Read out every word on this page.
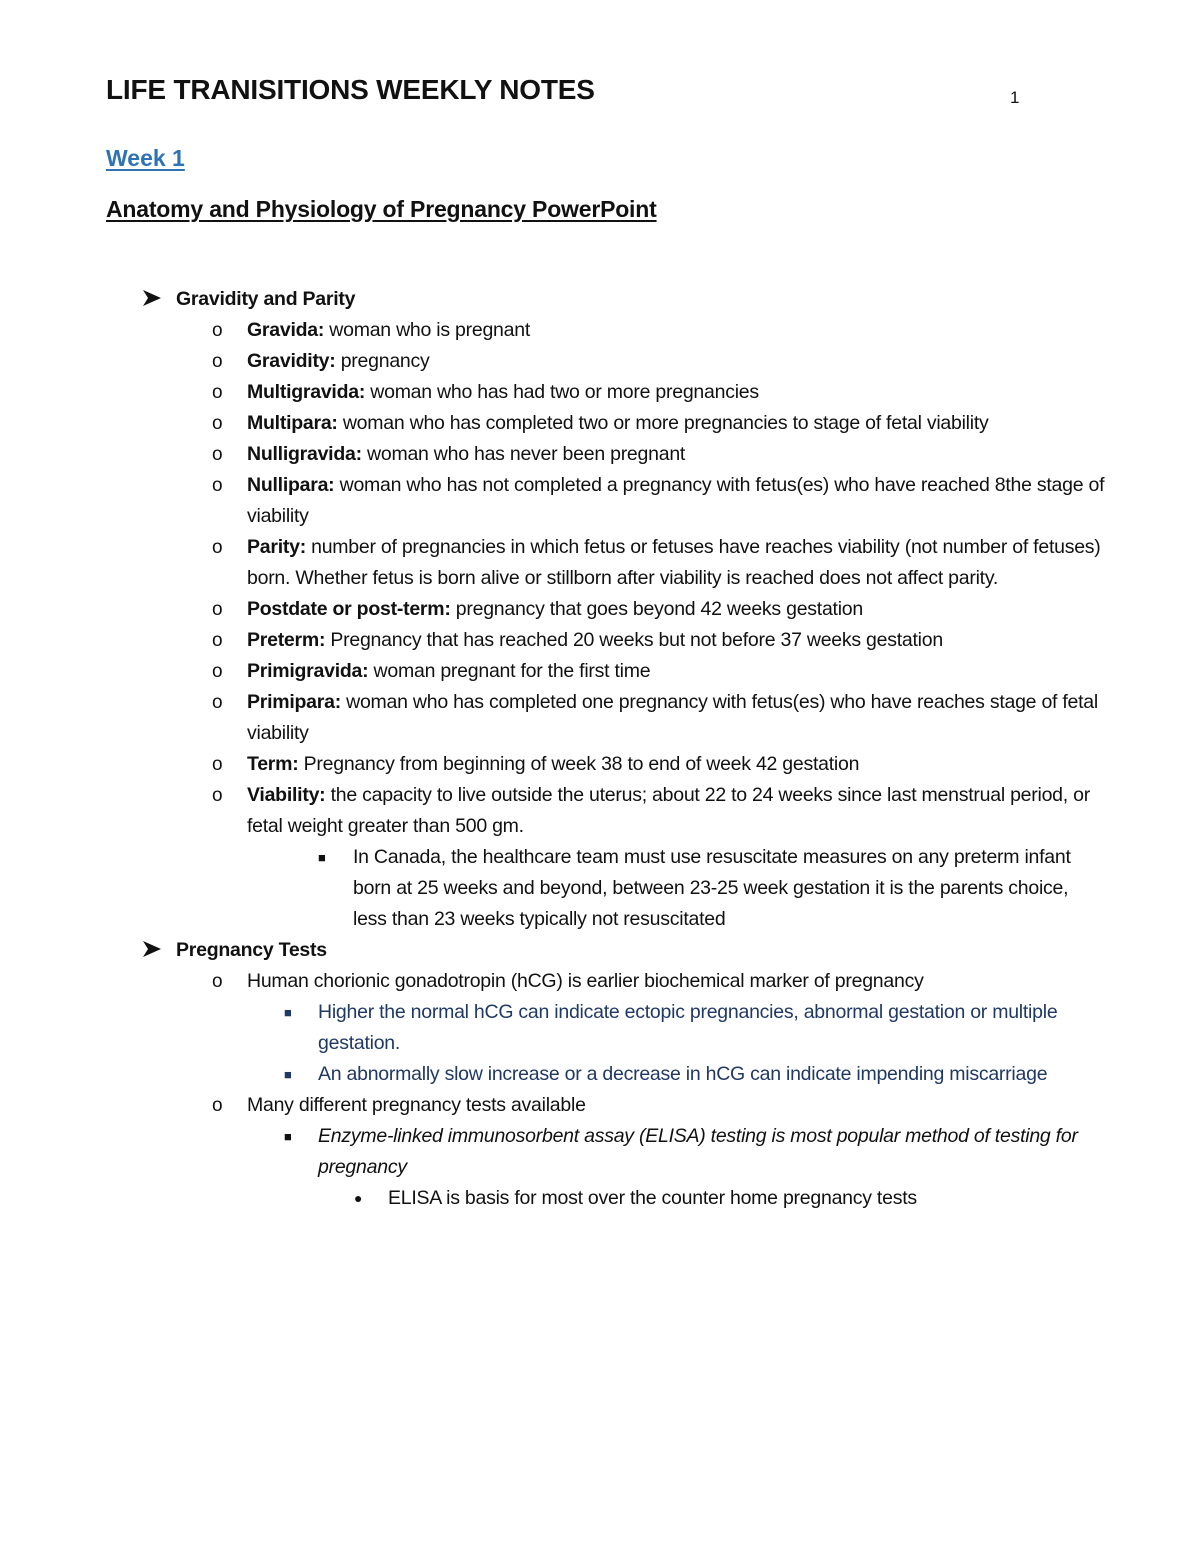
LIFE TRANISITIONS WEEKLY NOTES	1
Week 1
Anatomy and Physiology of Pregnancy PowerPoint
Gravidity and Parity
o Gravida: woman who is pregnant
o Gravidity: pregnancy
o Multigravida: woman who has had two or more pregnancies
o Multipara: woman who has completed two or more pregnancies to stage of fetal viability
o Nulligravida: woman who has never been pregnant
o Nullipara: woman who has not completed a pregnancy with fetus(es) who have reached 8the stage of viability
o Parity: number of pregnancies in which fetus or fetuses have reaches viability (not number of fetuses) born. Whether fetus is born alive or stillborn after viability is reached does not affect parity.
o Postdate or post-term: pregnancy that goes beyond 42 weeks gestation
o Preterm: Pregnancy that has reached 20 weeks but not before 37 weeks gestation
o Primigravida: woman pregnant for the first time
o Primipara: woman who has completed one pregnancy with fetus(es) who have reaches stage of fetal viability
o Term: Pregnancy from beginning of week 38 to end of week 42 gestation
o Viability: the capacity to live outside the uterus; about 22 to 24 weeks since last menstrual period, or fetal weight greater than 500 gm.
■ In Canada, the healthcare team must use resuscitate measures on any preterm infant born at 25 weeks and beyond, between 23-25 week gestation it is the parents choice, less than 23 weeks typically not resuscitated
Pregnancy Tests
o Human chorionic gonadotropin (hCG) is earlier biochemical marker of pregnancy
■ Higher the normal hCG can indicate ectopic pregnancies, abnormal gestation or multiple gestation.
■ An abnormally slow increase or a decrease in hCG can indicate impending miscarriage
o Many different pregnancy tests available
■ Enzyme-linked immunosorbent assay (ELISA) testing is most popular method of testing for pregnancy
● ELISA is basis for most over the counter home pregnancy tests
